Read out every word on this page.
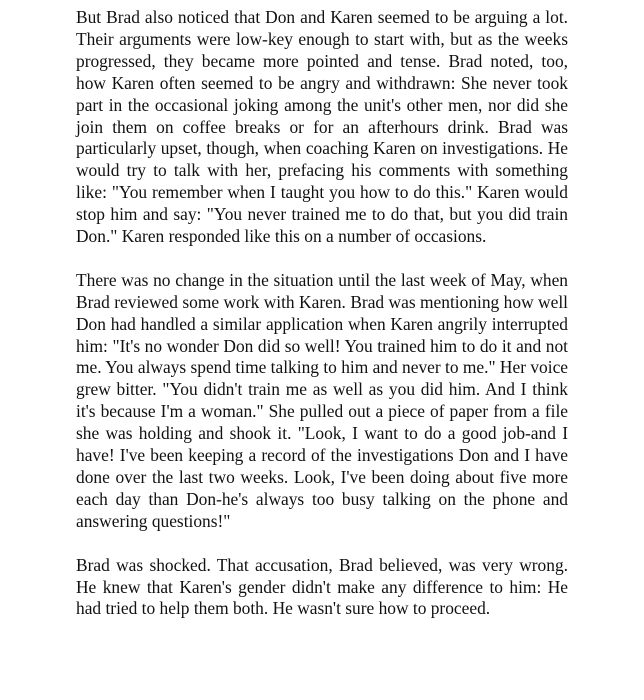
But Brad also noticed that Don and Karen seemed to be arguing a lot. Their arguments were low-key enough to start with, but as the weeks progressed, they became more pointed and tense. Brad noted, too, how Karen often seemed to be angry and withdrawn: She never took part in the occasional joking among the unit's other men, nor did she join them on coffee breaks or for an afterhours drink. Brad was particularly upset, though, when coaching Karen on investigations. He would try to talk with her, prefacing his comments with something like: "You remember when I taught you how to do this." Karen would stop him and say: "You never trained me to do that, but you did train Don." Karen responded like this on a number of occasions.

There was no change in the situation until the last week of May, when Brad reviewed some work with Karen. Brad was mentioning how well Don had handled a similar application when Karen angrily interrupted him: "It's no wonder Don did so well! You trained him to do it and not me. You always spend time talking to him and never to me." Her voice grew bitter. "You didn't train me as well as you did him. And I think it's because I'm a woman." She pulled out a piece of paper from a file she was holding and shook it. "Look, I want to do a good job-and I have! I've been keeping a record of the investigations Don and I have done over the last two weeks. Look, I've been doing about five more each day than Don-he's always too busy talking on the phone and answering questions!"

Brad was shocked. That accusation, Brad believed, was very wrong. He knew that Karen's gender didn't make any difference to him: He had tried to help them both. He wasn't sure how to proceed.
